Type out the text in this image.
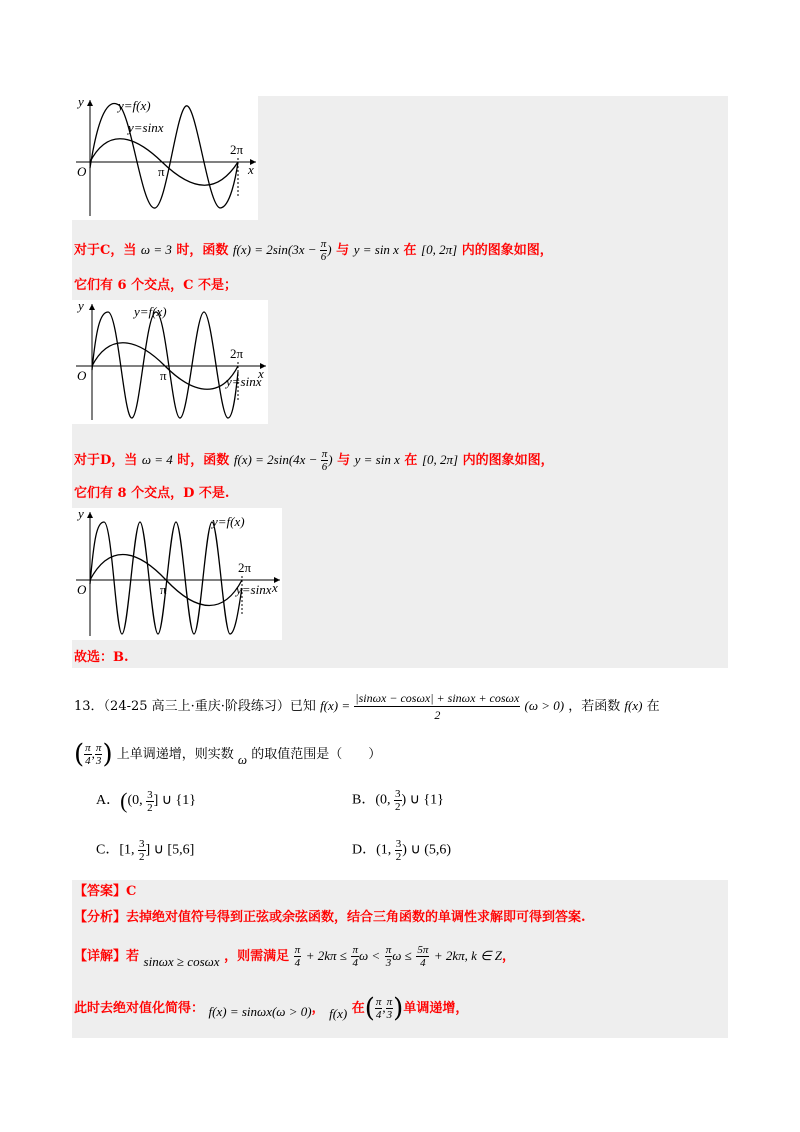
y
x
O	π
2π
y=f(x)
y=sinx
对于C，当 ω = 3 时，函数 $f(x) = 2\sin(3x - \frac{\pi}{6}$ ) 与 y = sin x 在 [0, 2π] 内的图象如图，
它们有 6 个交点，C 不是；
y
x
O	π
2π
y=f(x)
y=sinx
对于D，当 ω = 4 时，函数 $f(x) = 2\sin(4x - \frac{\pi}{6}$ ) 与 y = sin x 在 [0, 2π] 内的图象如图，
它们有 8 个交点，D 不是.
y
x
O	π
2π
y=f(x)
y=sinx
故选：B.
13．（24-25 高三上·重庆·阶段练习）已知 $f(x) = \frac{|\sin\omega x - \cos\omega x| + \sin\omega x + \cos\omega x}{2} (\omega > 0)$ ，若函数 f(x) 在
( $\frac{\pi}{4}$ , $\frac{\pi}{3}$ ) 上单调递增，则实数 ω 的取值范围是（　　）
A．((0, $\frac{3}{2}$ ] ∪ {1}	B．(0, $\frac{3}{2}$ ) ∪ {1}
C．[1, $\frac{3}{2}$ ] ∪ [5,6]	D．(1, $\frac{3}{2}$ ) ∪ (5,6)
【答案】C
【分析】去掉绝对值符号得到正弦或余弦函数，结合三角函数的单调性求解即可得到答案.
【详解】若 sinωx ≥ cosωx ，则需满足 $\frac{\pi}{4} + 2k\pi \le \frac{\pi}{4}$ $\omega < \frac{\pi}{3}$ $\omega \le \frac{5\pi}{4} + 2k\pi$, k ∈ Z，
此时去绝对值化简得： f(x) = sinωx(ω > 0)， f(x) 在( $\frac{\pi}{4}$ , $\frac{\pi}{3}$ )单调递增，
